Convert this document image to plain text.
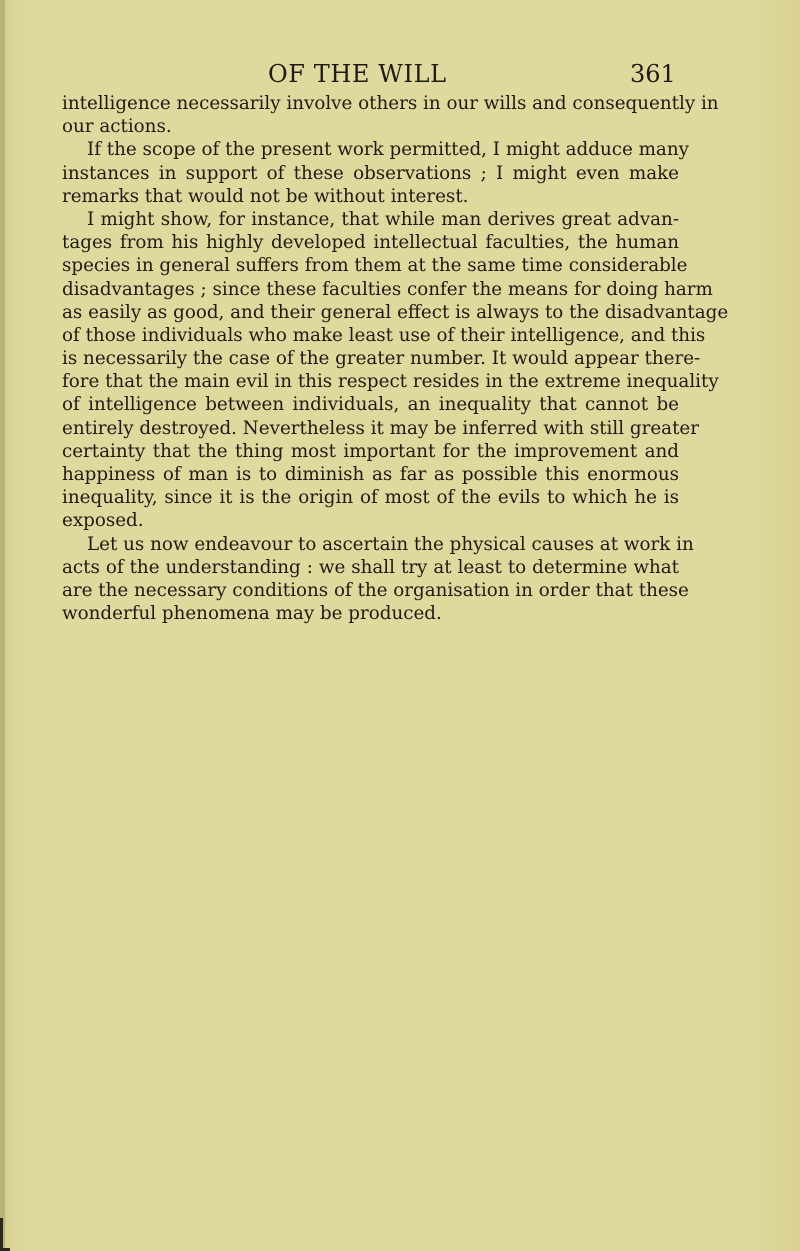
OF THE WILL	361
intelligence necessarily involve others in our wills and consequently in
our actions.
If the scope of the present work permitted, I might adduce many
instances in support of these observations ; I might even make
remarks that would not be without interest.
I might show, for instance, that while man derives great advan-
tages from his highly developed intellectual faculties, the human
species in general suffers from them at the same time considerable
disadvantages ; since these faculties confer the means for doing harm
as easily as good, and their general effect is always to the disadvantage
of those individuals who make least use of their intelligence, and this
is necessarily the case of the greater number. It would appear there-
fore that the main evil in this respect resides in the extreme inequality
of intelligence between individuals, an inequality that cannot be
entirely destroyed. Nevertheless it may be inferred with still greater
certainty that the thing most important for the improvement and
happiness of man is to diminish as far as possible this enormous
inequality, since it is the origin of most of the evils to which he is
exposed.
Let us now endeavour to ascertain the physical causes at work in
acts of the understanding : we shall try at least to determine what
are the necessary conditions of the organisation in order that these
wonderful phenomena may be produced.
